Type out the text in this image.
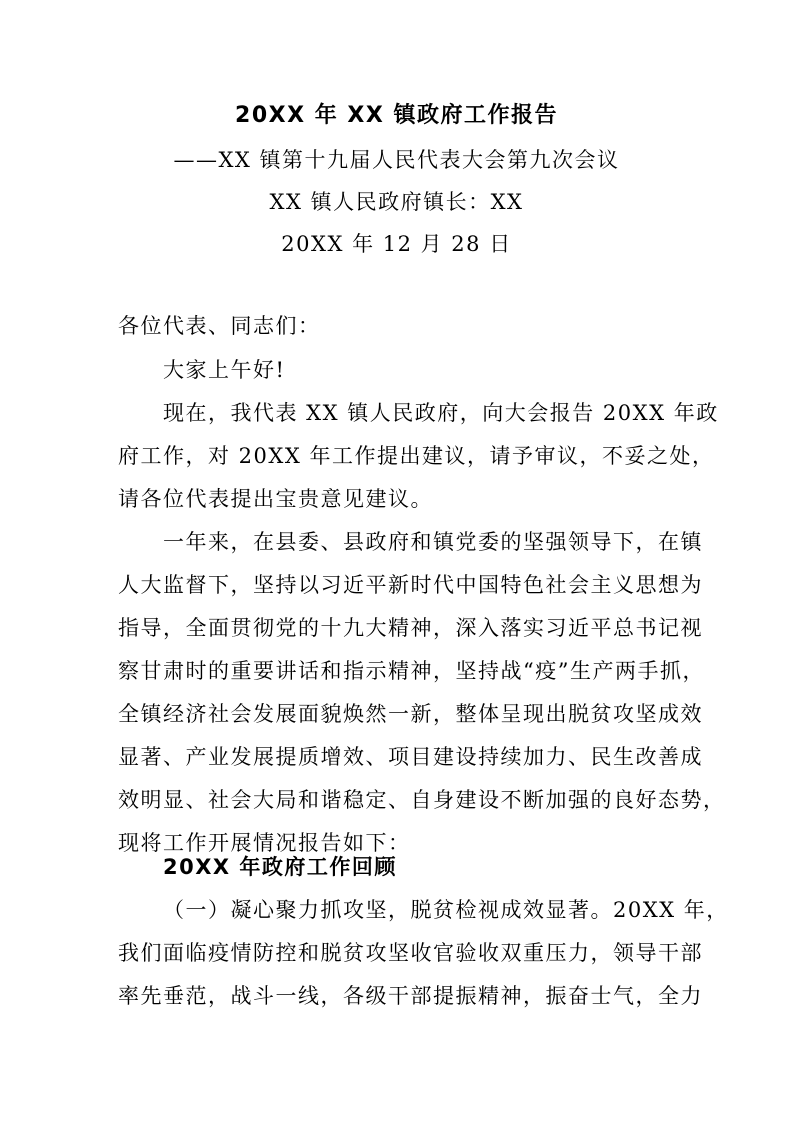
20XX 年 XX 镇政府工作报告
——XX 镇第十九届人民代表大会第九次会议
XX 镇人民政府镇长：XX
20XX 年 12 月 28 日
各位代表、同志们：
大家上午好!
现在，我代表 XX 镇人民政府，向大会报告 20XX 年政
府工作，对 20XX 年工作提出建议，请予审议，不妥之处，
请各位代表提出宝贵意见建议。
一年来，在县委、县政府和镇党委的坚强领导下，在镇
人大监督下，坚持以习近平新时代中国特色社会主义思想为
指导，全面贯彻党的十九大精神，深入落实习近平总书记视
察甘肃时的重要讲话和指示精神，坚持战“疫”生产两手抓，
全镇经济社会发展面貌焕然一新，整体呈现出脱贫攻坚成效
显著、产业发展提质增效、项目建设持续加力、民生改善成
效明显、社会大局和谐稳定、自身建设不断加强的良好态势，
现将工作开展情况报告如下：
20XX 年政府工作回顾
（一）凝心聚力抓攻坚，脱贫检视成效显著。20XX 年，
我们面临疫情防控和脱贫攻坚收官验收双重压力，领导干部
率先垂范，战斗一线，各级干部提振精神，振奋士气，全力
